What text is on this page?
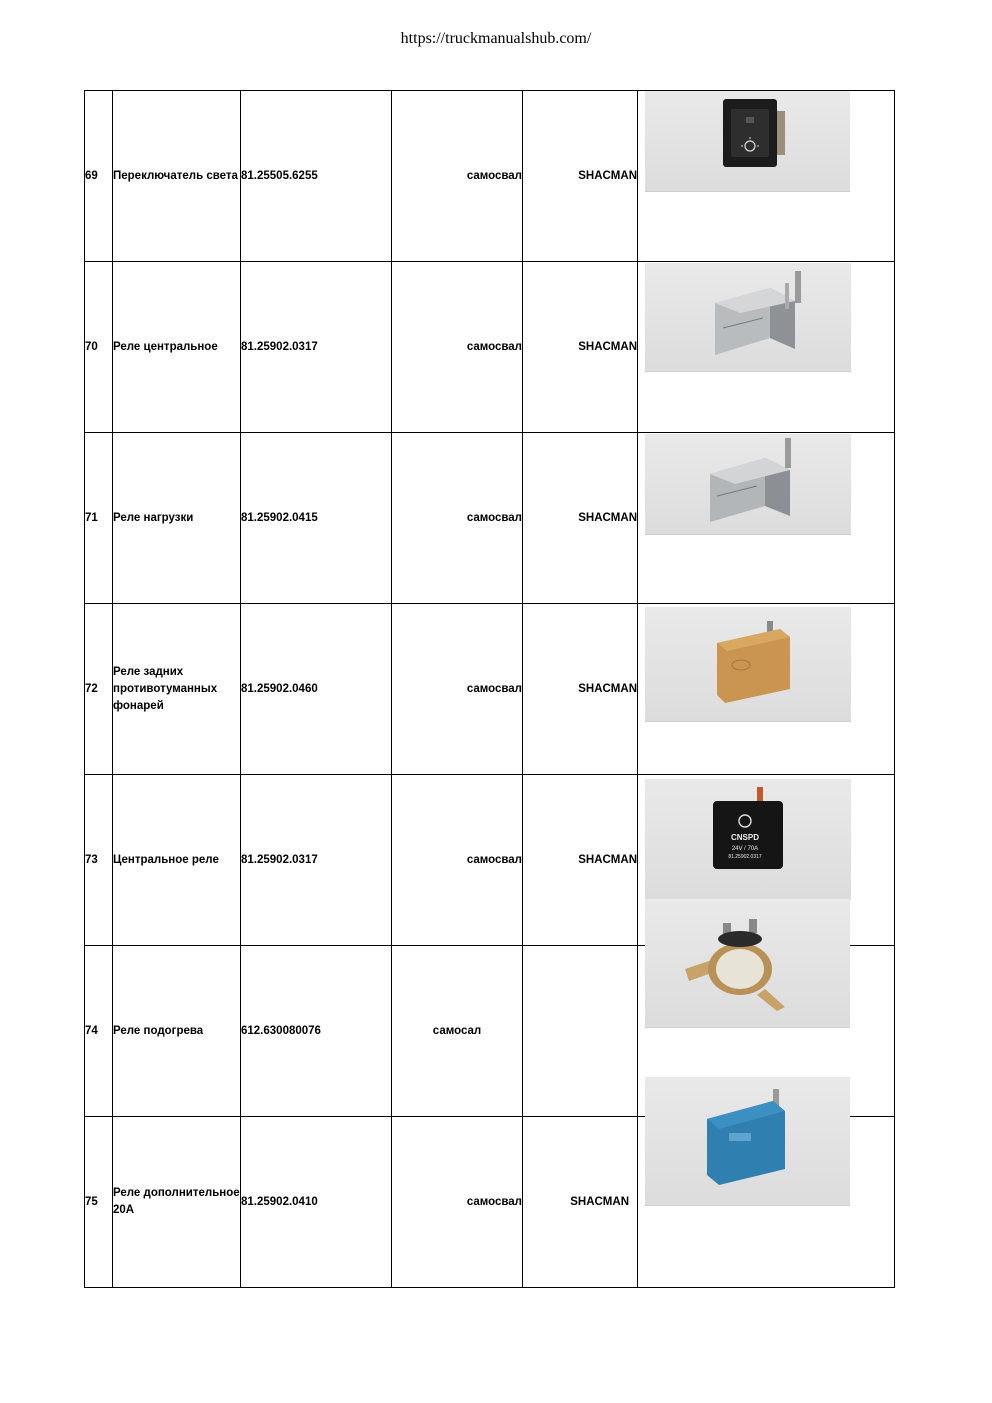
https://truckmanualshub.com/
69	Переключатель света	81.25505.6255	самосвал	SHACMAN	
70	Реле центральное	81.25902.0317	самосвал	SHACMAN	
71	Реле нагрузки	81.25902.0415	самосвал	SHACMAN	
72	Реле задних противотуманных фонарей	81.25902.0460	самосвал	SHACMAN	
73	Центральное реле	81.25902.0317	самосвал	SHACMAN	
74	Реле подогрева	612.630080076	самосал		
75	Реле дополнительное 20А	81.25902.0410	самосвал	SHACMAN	
CNSPD
24V / 70A
81.25902.0317
